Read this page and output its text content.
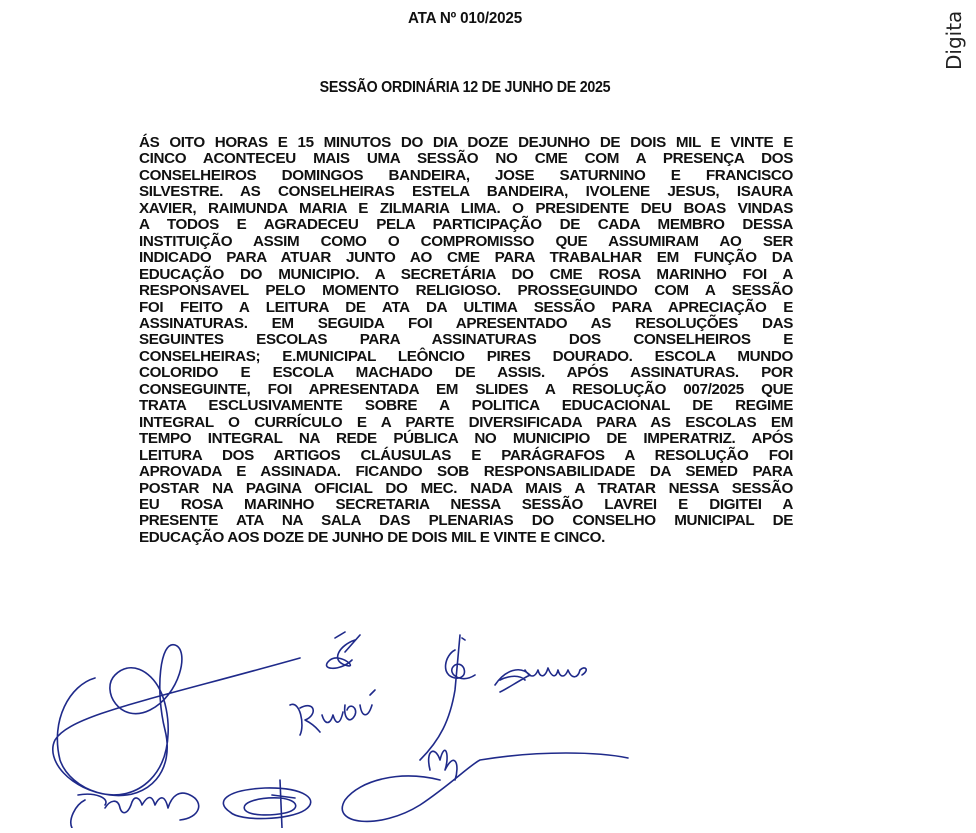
ATA Nº 010/2025
SESSÃO ORDINÁRIA 12 DE JUNHO DE 2025
Digita
ÁS OITO HORAS E 15 MINUTOS DO DIA DOZE DEJUNHO DE DOIS MIL E VINTE E
CINCO ACONTECEU MAIS UMA SESSÃO NO CME COM A PRESENÇA DOS
CONSELHEIROS DOMINGOS BANDEIRA, JOSE SATURNINO E FRANCISCO
SILVESTRE. AS CONSELHEIRAS ESTELA BANDEIRA, IVOLENE JESUS, ISAURA
XAVIER, RAIMUNDA MARIA E ZILMARIA LIMA. O PRESIDENTE DEU BOAS VINDAS
A TODOS E AGRADECEU PELA PARTICIPAÇÃO DE CADA MEMBRO DESSA
INSTITUIÇÃO ASSIM COMO O COMPROMISSO QUE ASSUMIRAM AO SER
INDICADO PARA ATUAR JUNTO AO CME PARA TRABALHAR EM FUNÇÃO DA
EDUCAÇÃO DO MUNICIPIO. A SECRETÁRIA DO CME ROSA MARINHO FOI A
RESPONSAVEL PELO MOMENTO RELIGIOSO. PROSSEGUINDO COM A SESSÃO
FOI FEITO A LEITURA DE ATA DA ULTIMA SESSÃO PARA APRECIAÇÃO E
ASSINATURAS. EM SEGUIDA FOI APRESENTADO AS RESOLUÇÕES DAS
SEGUINTES ESCOLAS PARA ASSINATURAS DOS CONSELHEIROS E
CONSELHEIRAS; E.MUNICIPAL LEÔNCIO PIRES DOURADO. ESCOLA MUNDO
COLORIDO E ESCOLA MACHADO DE ASSIS. APÓS ASSINATURAS. POR
CONSEGUINTE, FOI APRESENTADA EM SLIDES A RESOLUÇÃO 007/2025 QUE
TRATA ESCLUSIVAMENTE SOBRE A POLITICA EDUCACIONAL DE REGIME
INTEGRAL O CURRÍCULO E A PARTE DIVERSIFICADA PARA AS ESCOLAS EM
TEMPO INTEGRAL NA REDE PÚBLICA NO MUNICIPIO DE IMPERATRIZ. APÓS
LEITURA DOS ARTIGOS CLÁUSULAS E PARÁGRAFOS A RESOLUÇÃO FOI
APROVADA E ASSINADA. FICANDO SOB RESPONSABILIDADE DA SEMED PARA
POSTAR NA PAGINA OFICIAL DO MEC. NADA MAIS A TRATAR NESSA SESSÃO
EU ROSA MARINHO SECRETARIA NESSA SESSÃO LAVREI E DIGITEI A
PRESENTE ATA NA SALA DAS PLENARIAS DO CONSELHO MUNICIPAL DE
EDUCAÇÃO AOS DOZE DE JUNHO DE DOIS MIL E VINTE E CINCO.
